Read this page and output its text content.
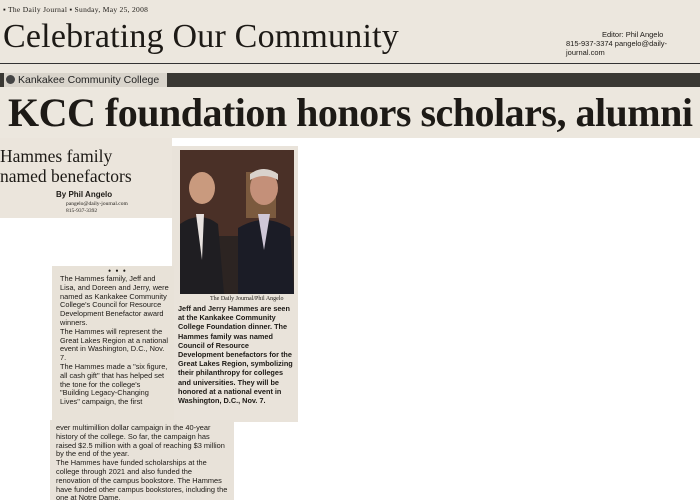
▪ The Daily Journal ▪ Sunday, May 25, 2008
Celebrating Our Community	Editor: Phil Angelo
815-937-3374 pangelo@daily-journal.com
Kankakee Community College
KCC foundation honors scholars, alumni
Hammes family
named benefactors
By Phil Angelo
pangelo@daily-journal.com
815-937-3392
The Daily Journal/Phil Angelo
Jeff and Jerry Hammes are seen at the Kankakee Community College Foundation dinner. The Hammes family was named Council of Resource Development benefactors for the Great Lakes Region, symbolizing their philanthropy for colleges and universities. They will be honored at a national event in Washington, D.C., Nov. 7.
• • •

The Hammes family, Jeff and Lisa, and Doreen and Jerry, were named as Kankakee Community College's Council for Resource Development Benefactor award winners.

The Hammes will represent the Great Lakes Region at a national event in Washington, D.C., Nov. 7.

The Hammes made a "six figure, all cash gift" that has helped set the tone for the college's "Building Legacy-Changing Lives" campaign, the first

ever multimillion dollar campaign in the 40-year history of the college. So far, the campaign has raised $2.5 million with a goal of reaching $3 million by the end of the year.

The Hammes have funded scholarships at the college through 2021 and also funded the renovation of the campus bookstore. The Hammes have funded other campus bookstores, including the one at Notre Dame.
